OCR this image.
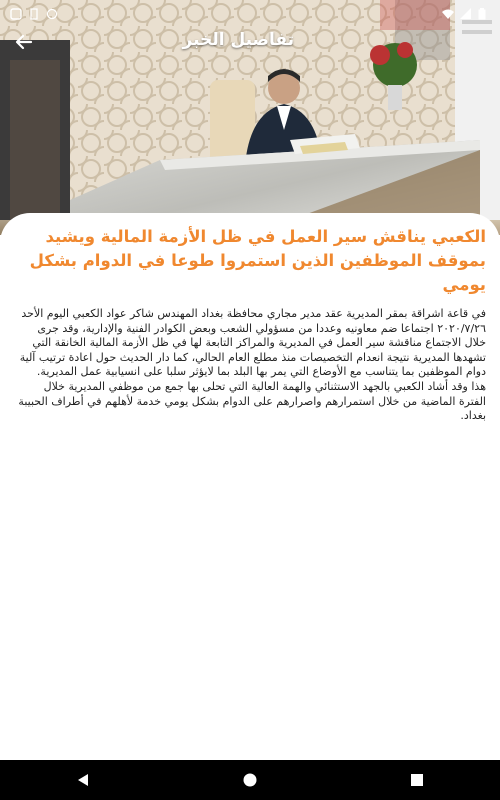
تفاصيل الخبر
الكعبي يناقش سير العمل في ظل الأزمة المالية ويشيد بموقف الموظفين الذين استمروا طوعا في الدوام بشكل يومي

في قاعة اشراقة بمقر المديرية عقد مدير مجاري محافظة بغداد المهندس شاكر عواد الكعبي اليوم الأحد ٢٠٢٠/٧/٢٦ اجتماعا ضم معاونيه وعددا من مسؤولي الشعب وبعض الكوادر الفنية والإدارية، وقد جرى خلال الاجتماع مناقشة سير العمل في المديرية والمراكز التابعة لها في ظل الأزمة المالية الخانقة التي تشهدها المديرية نتيجة انعدام التخصيصات منذ مطلع العام الحالي، كما دار الحديث حول اعادة ترتيب آلية دوام الموظفين بما يتناسب مع الأوضاع التي يمر بها البلد بما لايؤثر سلبا على انسيابية عمل المديرية.

هذا وقد أشاد الكعبي بالجهد الاستثنائي والهمة العالية التي تحلى بها جمع من موظفي المديرية خلال الفترة الماضية من خلال استمرارهم واصرارهم على الدوام بشكل يومي خدمة لأهلهم في أطراف الحبيبة بغداد.
